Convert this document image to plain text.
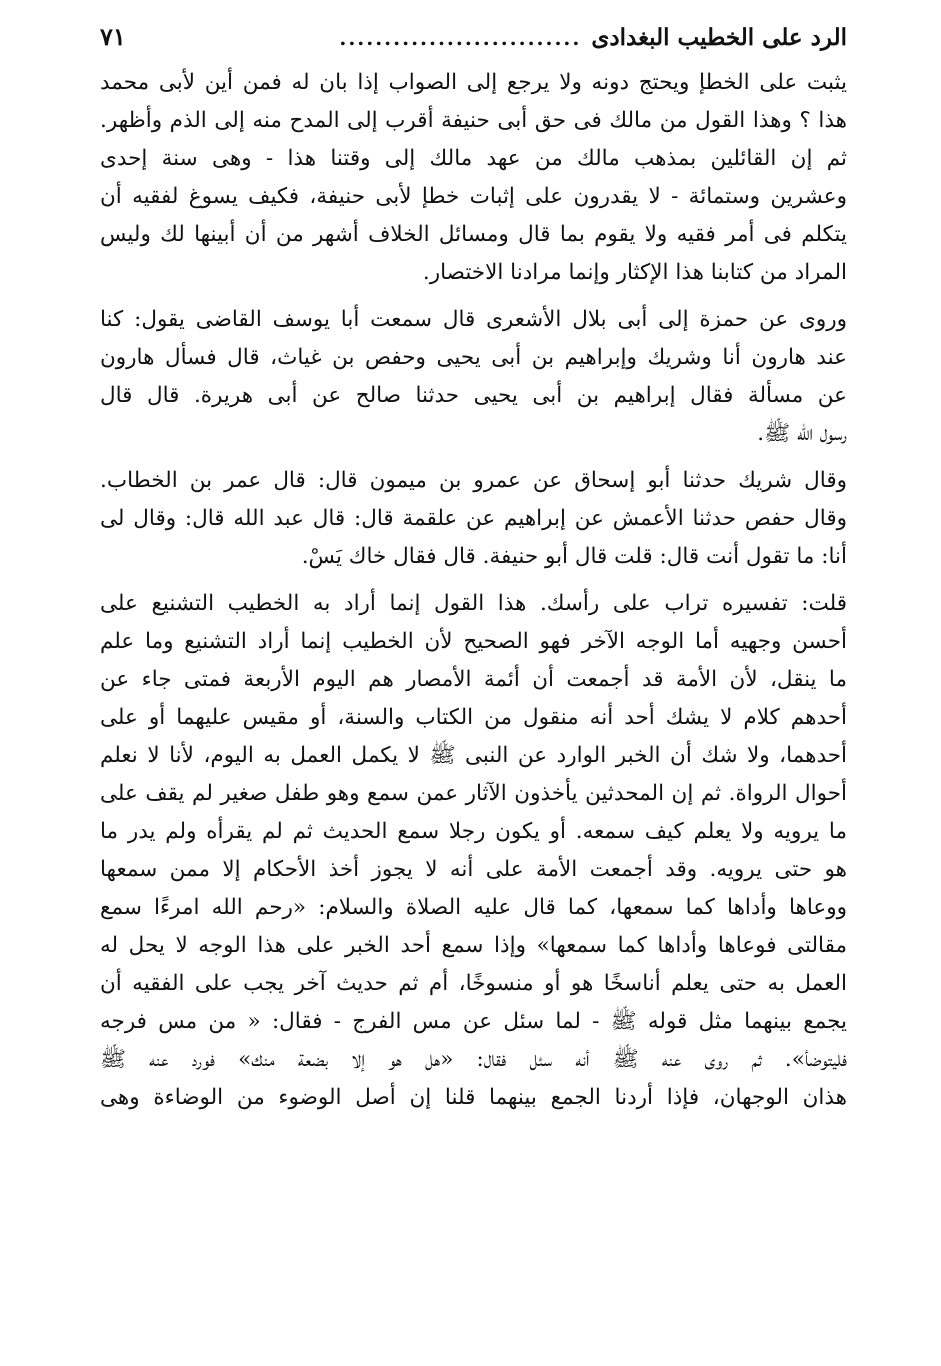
الرد على الخطيب البغدادى
...........................
٧١

يثبت على الخطإ ويحتج دونه ولا يرجع إلى الصواب إذا بان له فمن أين لأبى محمد
هذا ؟ وهذا القول من مالك فى حق أبى حنيفة أقرب إلى المدح منه إلى الذم وأظهر.
ثم إن القائلين بمذهب مالك من عهد مالك إلى وقتنا هذا - وهى سنة إحدى
وعشرين وستمائة - لا يقدرون على إثبات خطإ لأبى حنيفة، فكيف يسوغ لفقيه أن
يتكلم فى أمر فقيه ولا يقوم بما قال ومسائل الخلاف أشهر من أن أبينها لك وليس
المراد من كتابنا هذا الإكثار وإنما مرادنا الاختصار.

وروى عن حمزة إلى أبى بلال الأشعرى قال سمعت أبا يوسف القاضى يقول: كنا
عند هارون أنا وشريك وإبراهيم بن أبى يحيى وحفص بن غياث، قال فسأل هارون
عن مسألة فقال إبراهيم بن أبى يحيى حدثنا صالح عن أبى هريرة. قال قال
رسول الله ﷺ.

وقال شريك حدثنا أبو إسحاق عن عمرو بن ميمون قال: قال عمر بن الخطاب.
وقال حفص حدثنا الأعمش عن إبراهيم عن علقمة قال: قال عبد الله قال: وقال لى
أنا: ما تقول أنت قال: قلت قال أبو حنيفة. قال فقال خاك يَسْ.

قلت: تفسيره تراب على رأسك. هذا القول إنما أراد به الخطيب التشنيع على
أحسن وجهيه أما الوجه الآخر فهو الصحيح لأن الخطيب إنما أراد التشنيع وما علم
ما ينقل، لأن الأمة قد أجمعت أن أئمة الأمصار هم اليوم الأربعة فمتى جاء عن
أحدهم كلام لا يشك أحد أنه منقول من الكتاب والسنة، أو مقيس عليهما أو على
أحدهما، ولا شك أن الخبر الوارد عن النبى ﷺ لا يكمل العمل به اليوم، لأنا لا نعلم
أحوال الرواة. ثم إن المحدثين يأخذون الآثار عمن سمع وهو طفل صغير لم يقف على
ما يرويه ولا يعلم كيف سمعه. أو يكون رجلا سمع الحديث ثم لم يقرأه ولم يدر ما
هو حتى يرويه. وقد أجمعت الأمة على أنه لا يجوز أخذ الأحكام إلا ممن سمعها
ووعاها وأداها كما سمعها، كما قال عليه الصلاة والسلام: «رحم الله امرءًا سمع
مقالتى فوعاها وأداها كما سمعها» وإذا سمع أحد الخبر على هذا الوجه لا يحل له
العمل به حتى يعلم أناسخًا هو أو منسوخًا، أم ثم حديث آخر يجب على الفقيه أن
يجمع بينهما مثل قوله ﷺ - لما سئل عن مس الفرج - فقال: « من مس فرجه
فليتوضأ». ثم روى عنه ﷺ أنه سئل فقال: «هل هو إلا بضعة منك» فورد عنه ﷺ
هذان الوجهان، فإذا أردنا الجمع بينهما قلنا إن أصل الوضوء من الوضاءة وهى
